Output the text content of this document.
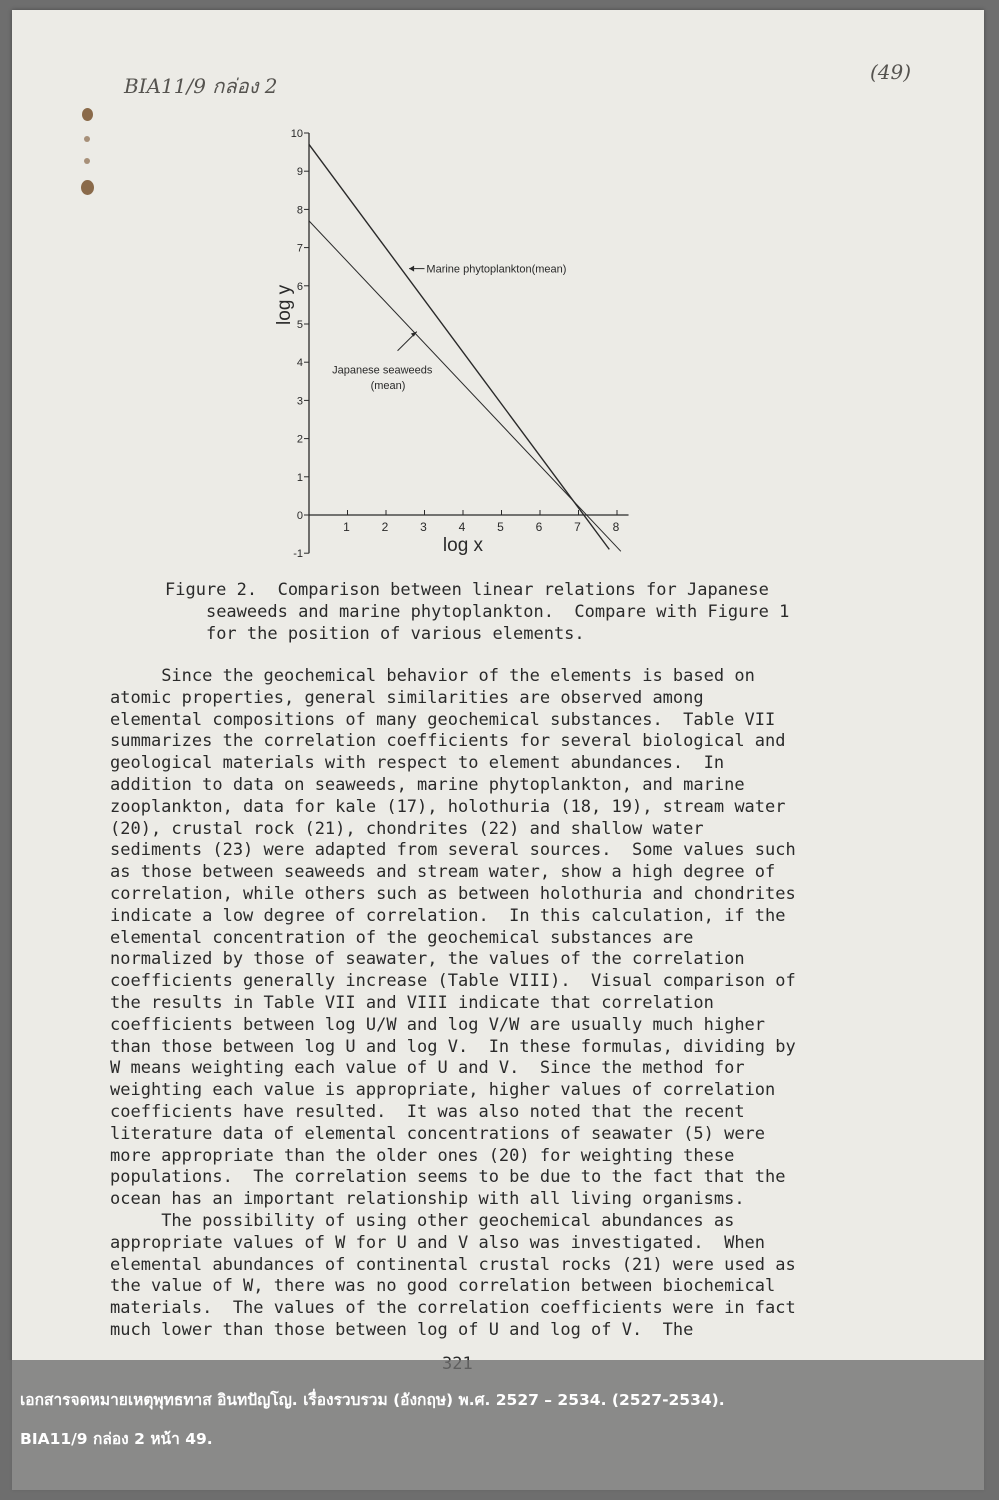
BIA11/9 กล่อง 2
(49)
-1
0
1
2
3
4
5
6
7
8
9
10
1	2	3	4	5	6	7	8
log x
log y
Marine phytoplankton(mean)
Japanese seaweeds
(mean)
Figure 2.  Comparison between linear relations for Japanese
seaweeds and marine phytoplankton.  Compare with Figure 1
for the position of various elements.
Since the geochemical behavior of the elements is based on
atomic properties, general similarities are observed among
elemental compositions of many geochemical substances.  Table VII
summarizes the correlation coefficients for several biological and
geological materials with respect to element abundances.  In
addition to data on seaweeds, marine phytoplankton, and marine
zooplankton, data for kale (17), holothuria (18, 19), stream water
(20), crustal rock (21), chondrites (22) and shallow water
sediments (23) were adapted from several sources.  Some values such
as those between seaweeds and stream water, show a high degree of
correlation, while others such as between holothuria and chondrites
indicate a low degree of correlation.  In this calculation, if the
elemental concentration of the geochemical substances are
normalized by those of seawater, the values of the correlation
coefficients generally increase (Table VIII).  Visual comparison of
the results in Table VII and VIII indicate that correlation
coefficients between log U/W and log V/W are usually much higher
than those between log U and log V.  In these formulas, dividing by
W means weighting each value of U and V.  Since the method for
weighting each value is appropriate, higher values of correlation
coefficients have resulted.  It was also noted that the recent
literature data of elemental concentrations of seawater (5) were
more appropriate than the older ones (20) for weighting these
populations.  The correlation seems to be due to the fact that the
ocean has an important relationship with all living organisms.
The possibility of using other geochemical abundances as
appropriate values of W for U and V also was investigated.  When
elemental abundances of continental crustal rocks (21) were used as
the value of W, there was no good correlation between biochemical
materials.  The values of the correlation coefficients were in fact
much lower than those between log of U and log of V.  The
เอกสารจดหมายเหตุพุทธทาส อินทปัญโญ. เรื่องรวบรวม (อังกฤษ) พ.ศ. 2527 – 2534. (2527-2534).
BIA11/9 กล่อง 2 หน้า 49.
